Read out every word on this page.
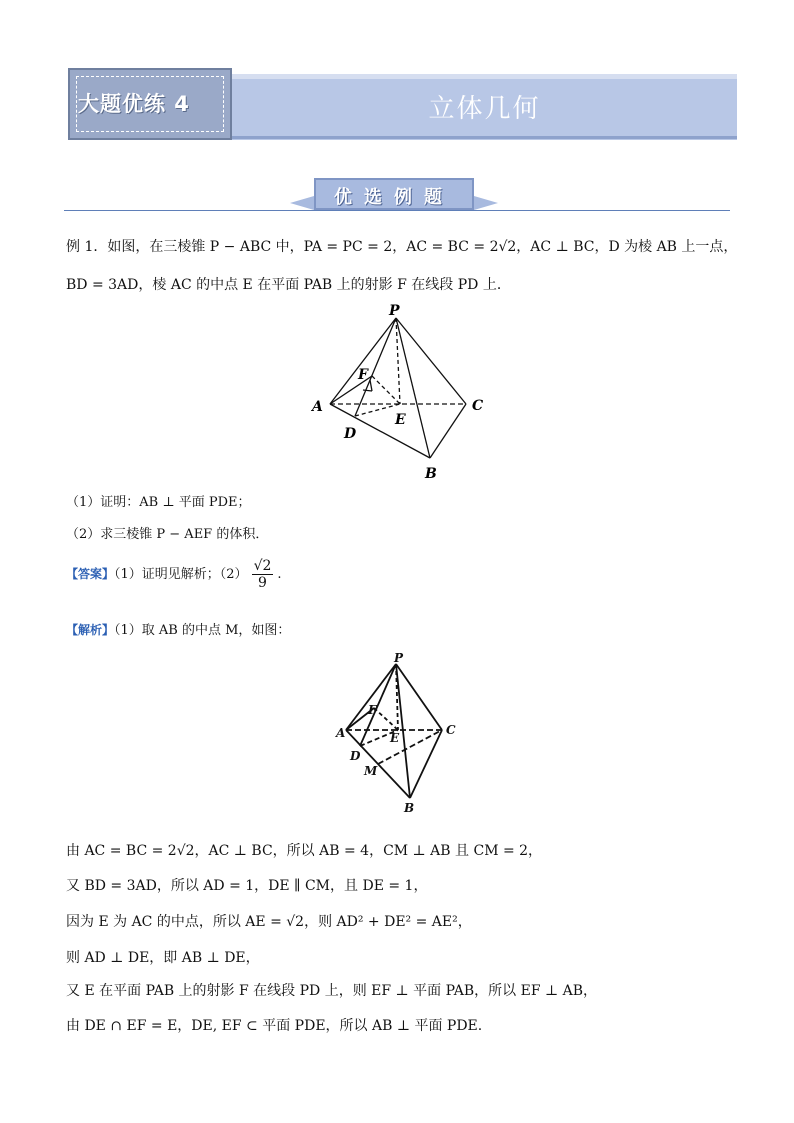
大题优练 4	立体几何
优选例题
例 1．如图，在三棱锥 P − ABC 中，PA = PC = 2，AC = BC = 2√2，AC ⊥ BC，D 为棱 AB 上一点，
BD = 3AD，棱 AC 的中点 E 在平面 PAB 上的射影 F 在线段 PD 上．
P
A	C
B
D
E
F
（1）证明：AB ⊥ 平面 PDE；
（2）求三棱锥 P − AEF 的体积．
【答案】（1）证明见解析；$(2) \frac{√2}{9}$ .
【解析】（1）取 AB 的中点 M，如图：
P
A	C
B
D
E
F
M
由 AC = BC = 2√2，AC ⊥ BC，所以 AB = 4，CM ⊥ AB 且 CM = 2，
又 BD = 3AD，所以 AD = 1，DE ∥ CM，且 DE = 1，
因为 E 为 AC 的中点，所以 AE = √2，则 AD² + DE² = AE²，
则 AD ⊥ DE，即 AB ⊥ DE，
又 E 在平面 PAB 上的射影 F 在线段 PD 上，则 EF ⊥ 平面 PAB，所以 EF ⊥ AB，
由 DE ∩ EF = E，DE, EF ⊂ 平面 PDE，所以 AB ⊥ 平面 PDE.
